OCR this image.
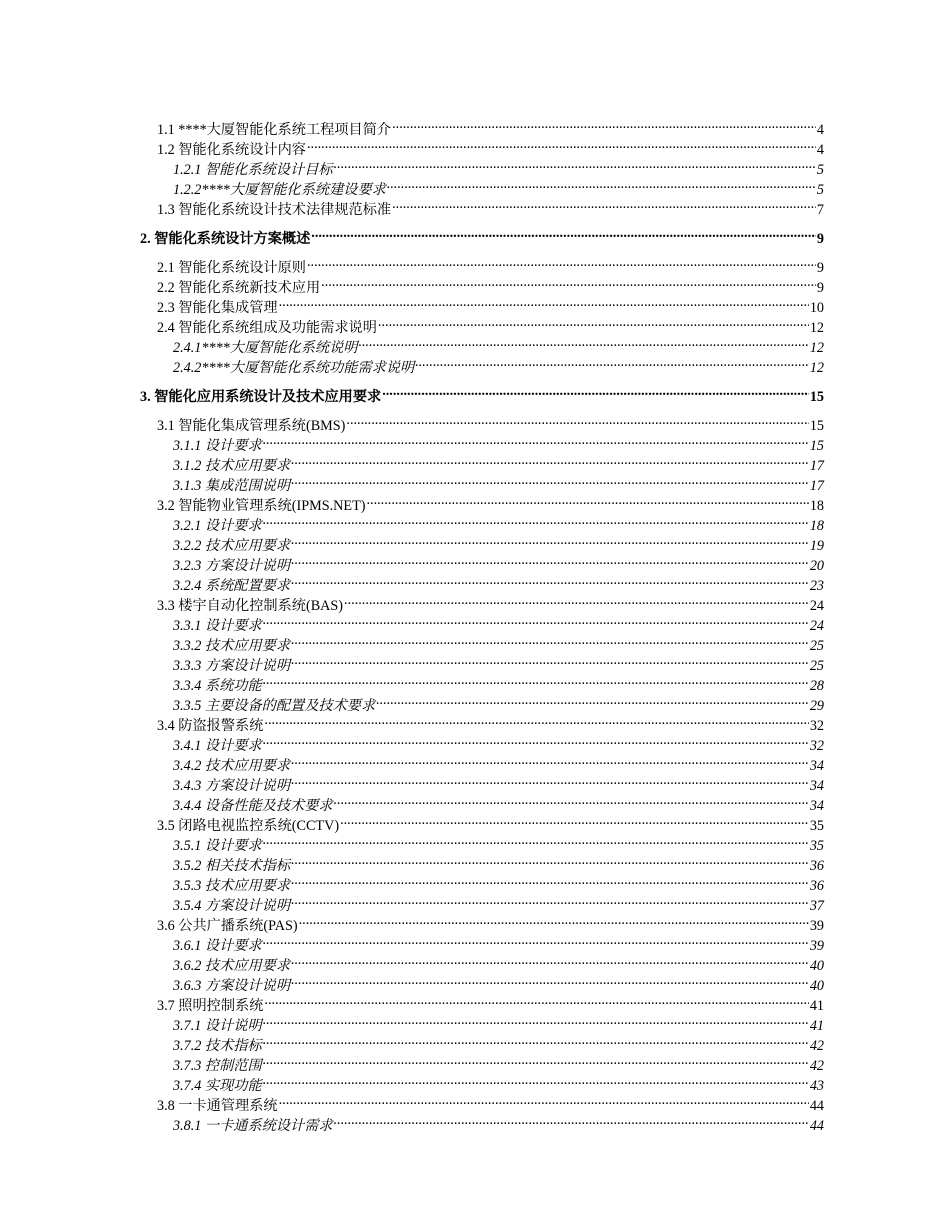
1.1 ****大厦智能化系统工程项目简介 .....	4
1.2 智能化系统设计内容 .....	4
1.2.1 智能化系统设计目标 .....	5
1.2.2****大厦智能化系统建设要求 .....	5
1.3 智能化系统设计技术法律规范标准 .....	7
2. 智能化系统设计方案概述 .....	9
2.1 智能化系统设计原则 .....	9
2.2 智能化系统新技术应用 .....	9
2.3 智能化集成管理 .....	10
2.4 智能化系统组成及功能需求说明 .....	12
2.4.1****大厦智能化系统说明 .....	12
2.4.2****大厦智能化系统功能需求说明 .....	12
3. 智能化应用系统设计及技术应用要求 .....	15
3.1 智能化集成管理系统(BMS) .....	15
3.1.1 设计要求 .....	15
3.1.2 技术应用要求 .....	17
3.1.3 集成范围说明 .....	17
3.2 智能物业管理系统(IPMS.NET) .....	18
3.2.1 设计要求 .....	18
3.2.2 技术应用要求 .....	19
3.2.3 方案设计说明 .....	20
3.2.4 系统配置要求 .....	23
3.3 楼宇自动化控制系统(BAS) .....	24
3.3.1 设计要求 .....	24
3.3.2 技术应用要求 .....	25
3.3.3 方案设计说明 .....	25
3.3.4 系统功能 .....	28
3.3.5 主要设备的配置及技术要求 .....	29
3.4 防盗报警系统 .....	32
3.4.1 设计要求 .....	32
3.4.2 技术应用要求 .....	34
3.4.3 方案设计说明 .....	34
3.4.4 设备性能及技术要求 .....	34
3.5 闭路电视监控系统(CCTV) .....	35
3.5.1 设计要求 .....	35
3.5.2 相关技术指标 .....	36
3.5.3 技术应用要求 .....	36
3.5.4 方案设计说明 .....	37
3.6 公共广播系统(PAS) .....	39
3.6.1 设计要求 .....	39
3.6.2 技术应用要求 .....	40
3.6.3 方案设计说明 .....	40
3.7 照明控制系统 .....	41
3.7.1 设计说明 .....	41
3.7.2 技术指标 .....	42
3.7.3 控制范围 .....	42
3.7.4 实现功能 .....	43
3.8 一卡通管理系统 .....	44
3.8.1 一卡通系统设计需求 .....	44
